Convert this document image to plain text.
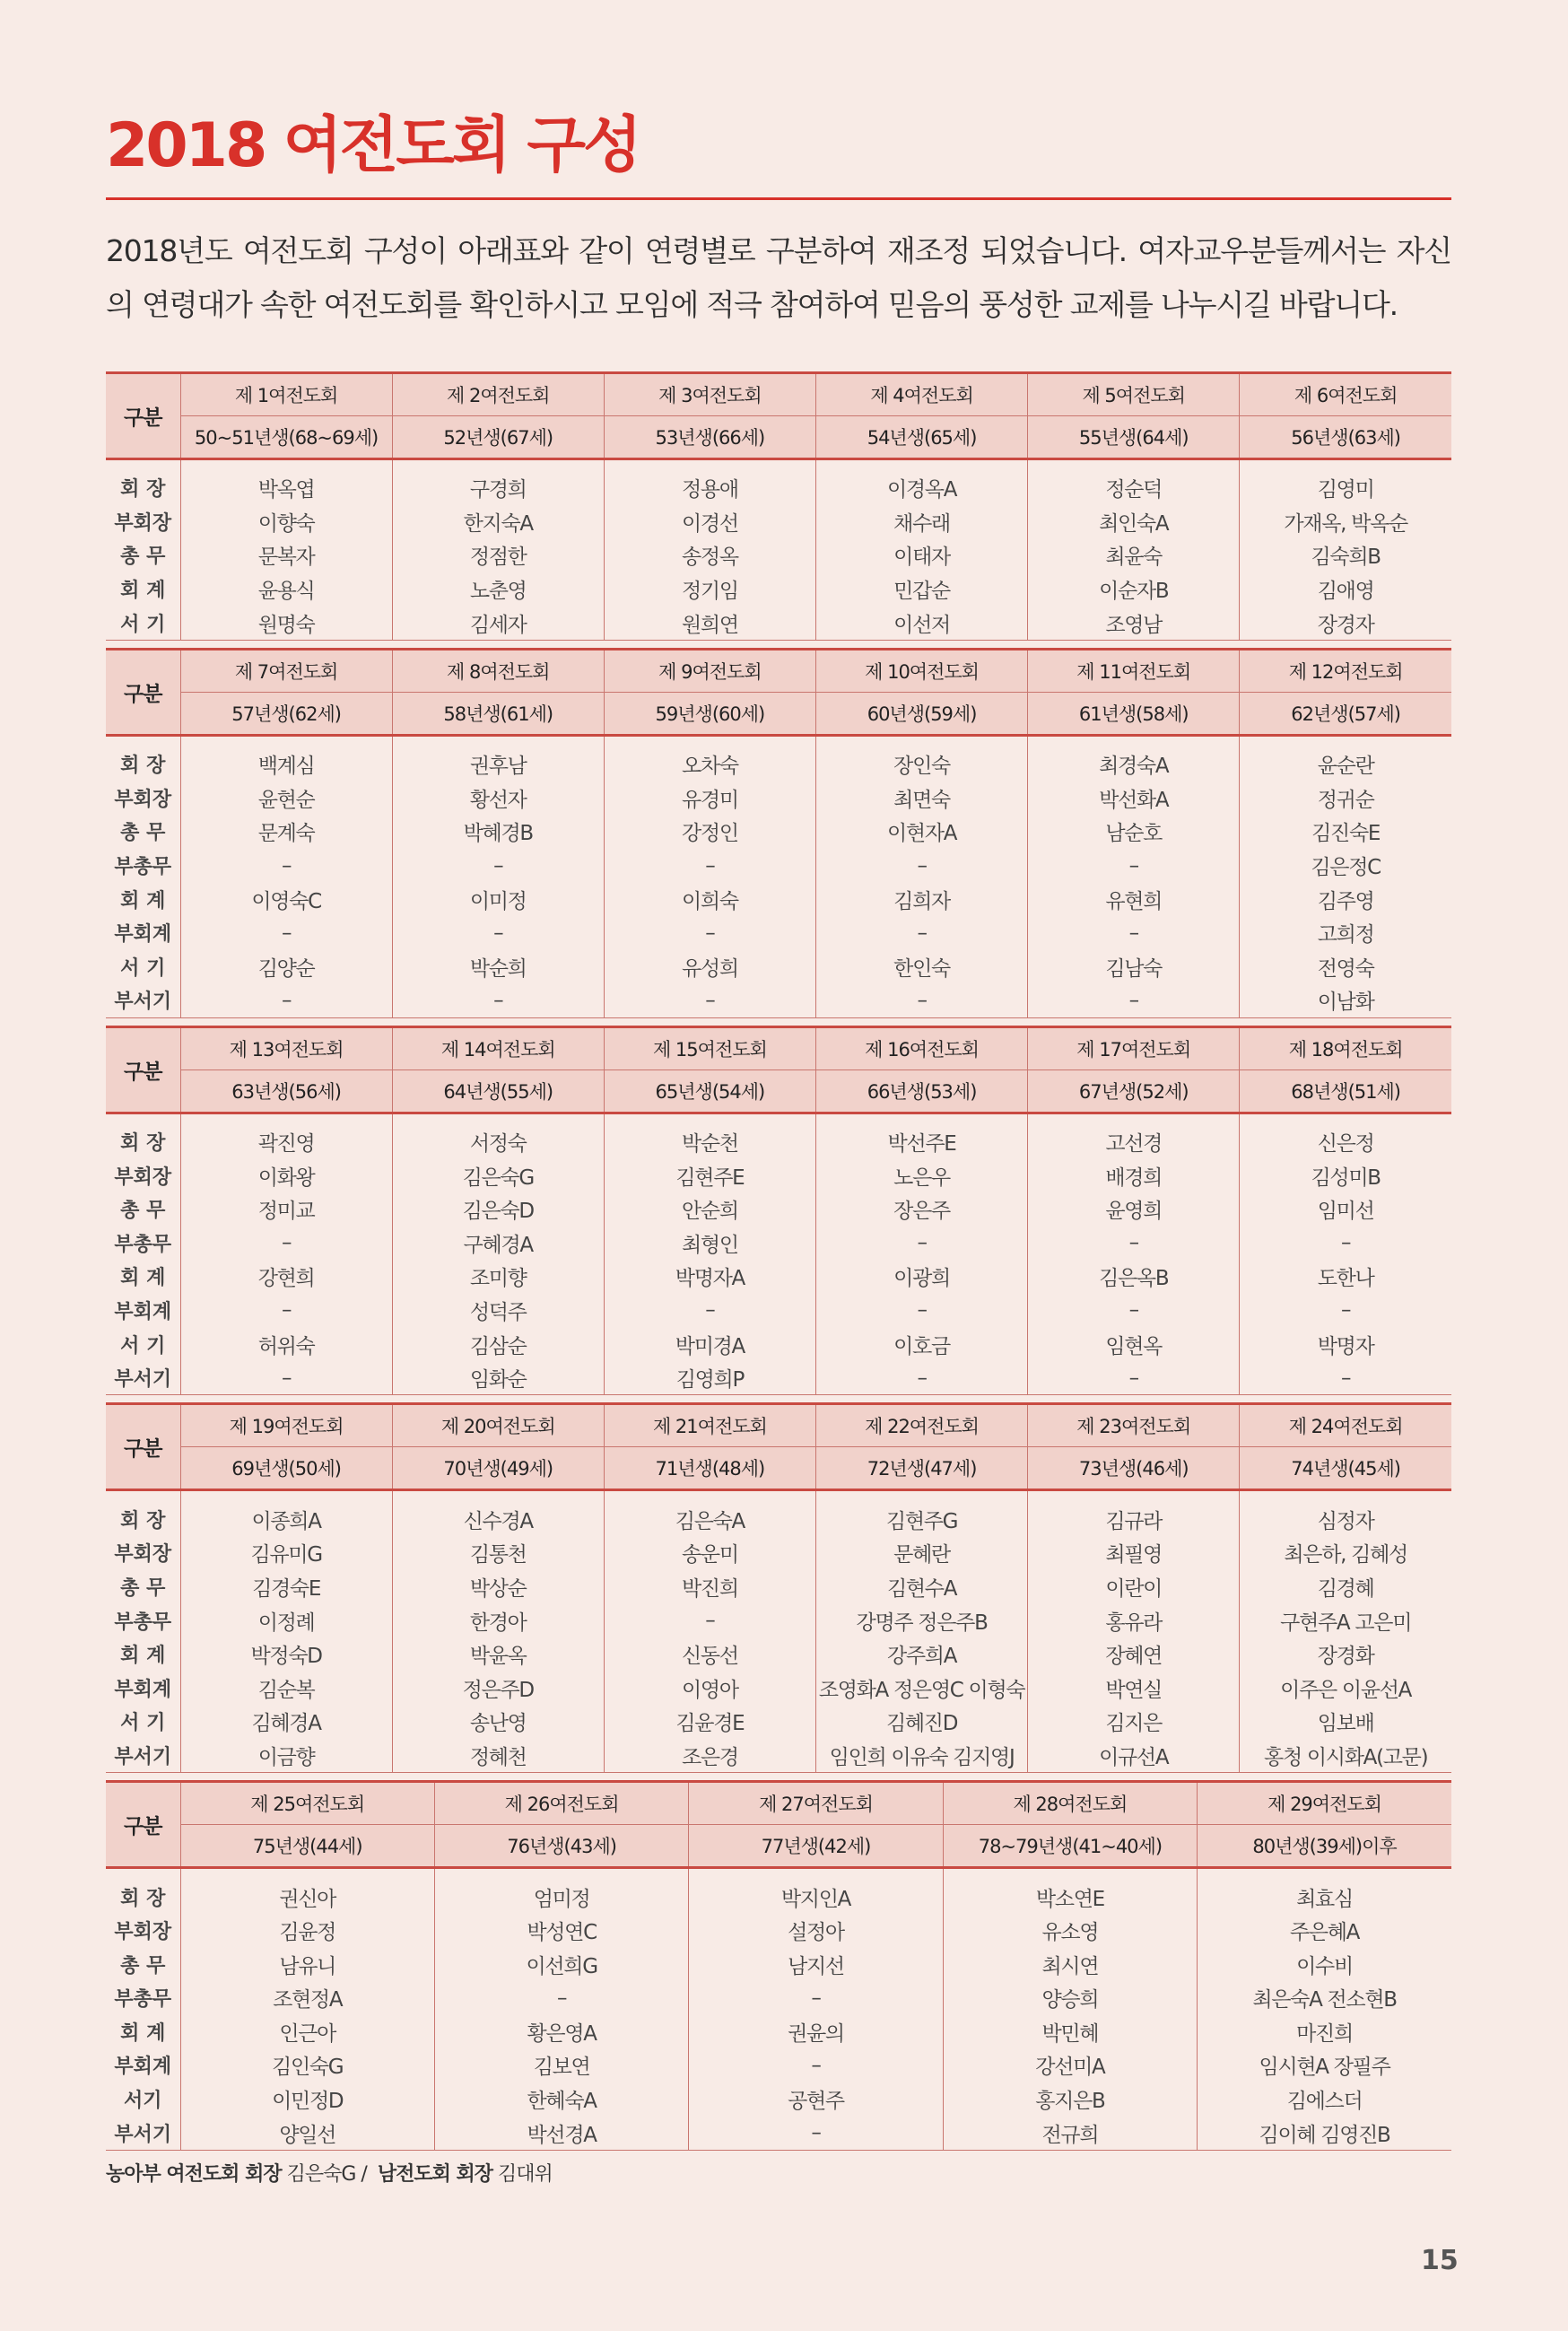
2018 여전도회 구성

2018년도 여전도회 구성이 아래표와 같이 연령별로 구분하여 재조정 되었습니다. 여자교우분들께서는 자신의 연령대가 속한 여전도회를 확인하시고 모임에 적극 참여하여 믿음의 풍성한 교제를 나누시길 바랍니다.

구분	제 1여전도회	제 2여전도회	제 3여전도회	제 4여전도회	제 5여전도회	제 6여전도회
	50~51년생(68~69세)	52년생(67세)	53년생(66세)	54년생(65세)	55년생(64세)	56년생(63세)

회 장	박옥엽	구경희	정용애	이경옥A	정순덕	김영미
부회장	이향숙	한지숙A	이경선	채수래	최인숙A	가재옥, 박옥순
총 무	문복자	정점한	송정옥	이태자	최윤숙	김숙희B
회 계	윤용식	노춘영	정기임	민갑순	이순자B	김애영
서 기	원명숙	김세자	원희연	이선저	조영남	장경자
구분	제 7여전도회	제 8여전도회	제 9여전도회	제 10여전도회	제 11여전도회	제 12여전도회
	57년생(62세)	58년생(61세)	59년생(60세)	60년생(59세)	61년생(58세)	62년생(57세)

회 장	백계심	권후남	오차숙	장인숙	최경숙A	윤순란
부회장	윤현순	황선자	유경미	최면숙	박선화A	정귀순
총 무	문계숙	박혜경B	강정인	이현자A	남순호	김진숙E
부총무	–	–	–	–	–	김은정C
회 계	이영숙C	이미정	이희숙	김희자	유현희	김주영
부회계	–	–	–	–	–	고희정
서 기	김양순	박순희	유성희	한인숙	김남숙	전영숙
부서기	–	–	–	–	–	이남화
구분	제 13여전도회	제 14여전도회	제 15여전도회	제 16여전도회	제 17여전도회	제 18여전도회
	63년생(56세)	64년생(55세)	65년생(54세)	66년생(53세)	67년생(52세)	68년생(51세)

회 장	곽진영	서정숙	박순천	박선주E	고선경	신은정
부회장	이화왕	김은숙G	김현주E	노은우	배경희	김성미B
총 무	정미교	김은숙D	안순희	장은주	윤영희	임미선
부총무	–	구혜경A	최형인	–	–	–
회 계	강현희	조미향	박명자A	이광희	김은옥B	도한나
부회계	–	성덕주	–	–	–	–
서 기	허위숙	김삼순	박미경A	이호금	임현옥	박명자
부서기	–	임화순	김영희P	–	–	–
구분	제 19여전도회	제 20여전도회	제 21여전도회	제 22여전도회	제 23여전도회	제 24여전도회
	69년생(50세)	70년생(49세)	71년생(48세)	72년생(47세)	73년생(46세)	74년생(45세)

회 장	이종희A	신수경A	김은숙A	김현주G	김규라	심정자
부회장	김유미G	김통천	송운미	문혜란	최필영	최은하, 김혜성
총 무	김경숙E	박상순	박진희	김현수A	이란이	김경혜
부총무	이정례	한경아	–	강명주 정은주B	홍유라	구현주A 고은미
회 계	박정숙D	박윤옥	신동선	강주희A	장혜연	장경화
부회계	김순복	정은주D	이영아	조영화A 정은영C 이형숙	박연실	이주은 이윤선A
서 기	김혜경A	송난영	김윤경E	김혜진D	김지은	임보배
부서기	이금향	정혜천	조은경	임인희 이유숙 김지영J	이규선A	홍청 이시화A(고문)
구분	제 25여전도회	제 26여전도회	제 27여전도회	제 28여전도회	제 29여전도회
	75년생(44세)	76년생(43세)	77년생(42세)	78~79년생(41~40세)	80년생(39세)이후

회 장	권신아	엄미정	박지인A	박소연E	최효심
부회장	김윤정	박성연C	설정아	유소영	주은혜A
총 무	남유니	이선희G	남지선	최시연	이수비
부총무	조현정A	–	–	양승희	최은숙A 전소현B
회 계	인근아	황은영A	권윤의	박민혜	마진희
부회계	김인숙G	김보연	–	강선미A	임시현A 장필주
서기	이민정D	한혜숙A	공현주	홍지은B	김에스더
부서기	양일선	박선경A	–	전규희	김이혜 김영진B
농아부 여전도회 회장 김은숙G / 남전도회 회장 김대위
15
